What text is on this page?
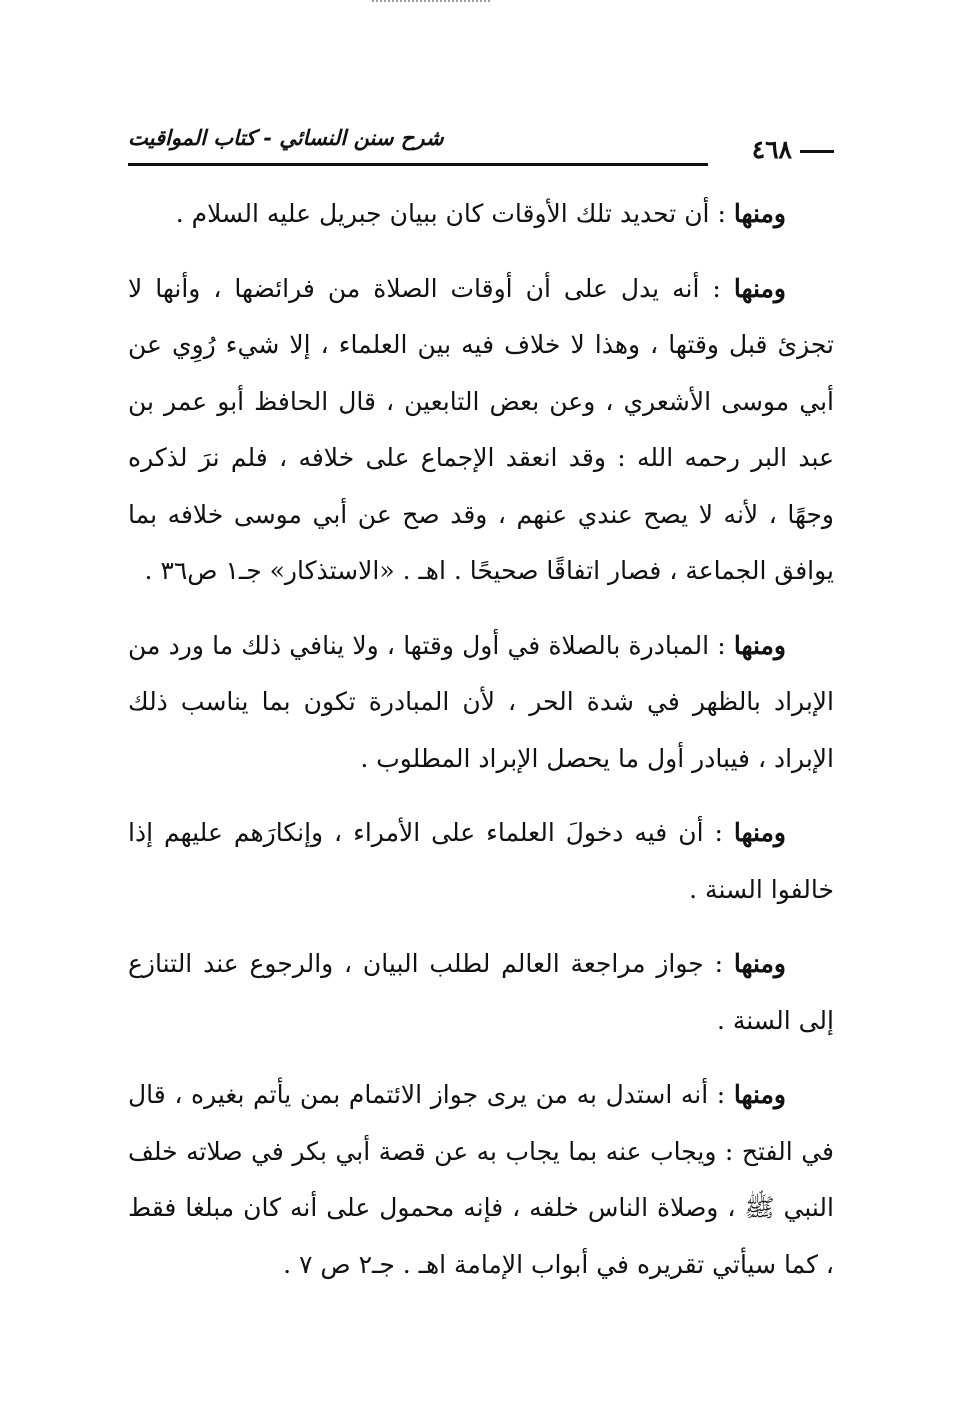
شرح سنن النسائي - كتاب المواقيت	٤٦٨

ومنها : أن تحديد تلك الأوقات كان ببيان جبريل عليه السلام .

ومنها : أنه يدل على أن أوقات الصلاة من فرائضها ، وأنها لا تجزئ قبل وقتها ، وهذا لا خلاف فيه بين العلماء ، إلا شيء رُوِي عن أبي موسى الأشعري ، وعن بعض التابعين ، قال الحافظ أبو عمر بن عبد البر رحمه الله : وقد انعقد الإجماع على خلافه ، فلم نرَ لذكره وجهًا ، لأنه لا يصح عندي عنهم ، وقد صح عن أبي موسى خلافه بما يوافق الجماعة ، فصار اتفاقًا صحيحًا . اهـ . «الاستذكار» جـ١ ص٣٦ .

ومنها : المبادرة بالصلاة في أول وقتها ، ولا ينافي ذلك ما ورد من الإبراد بالظهر في شدة الحر ، لأن المبادرة تكون بما يناسب ذلك الإبراد ، فيبادر أول ما يحصل الإبراد المطلوب .

ومنها : أن فيه دخولَ العلماء على الأمراء ، وإنكارَهم عليهم إذا خالفوا السنة .

ومنها : جواز مراجعة العالم لطلب البيان ، والرجوع عند التنازع إلى السنة .

ومنها : أنه استدل به من يرى جواز الائتمام بمن يأتم بغيره ، قال في الفتح : ويجاب عنه بما يجاب به عن قصة أبي بكر في صلاته خلف النبي ﷺ ، وصلاة الناس خلفه ، فإنه محمول على أنه كان مبلغا فقط ، كما سيأتي تقريره في أبواب الإمامة اهـ . جـ٢ ص ٧ .
